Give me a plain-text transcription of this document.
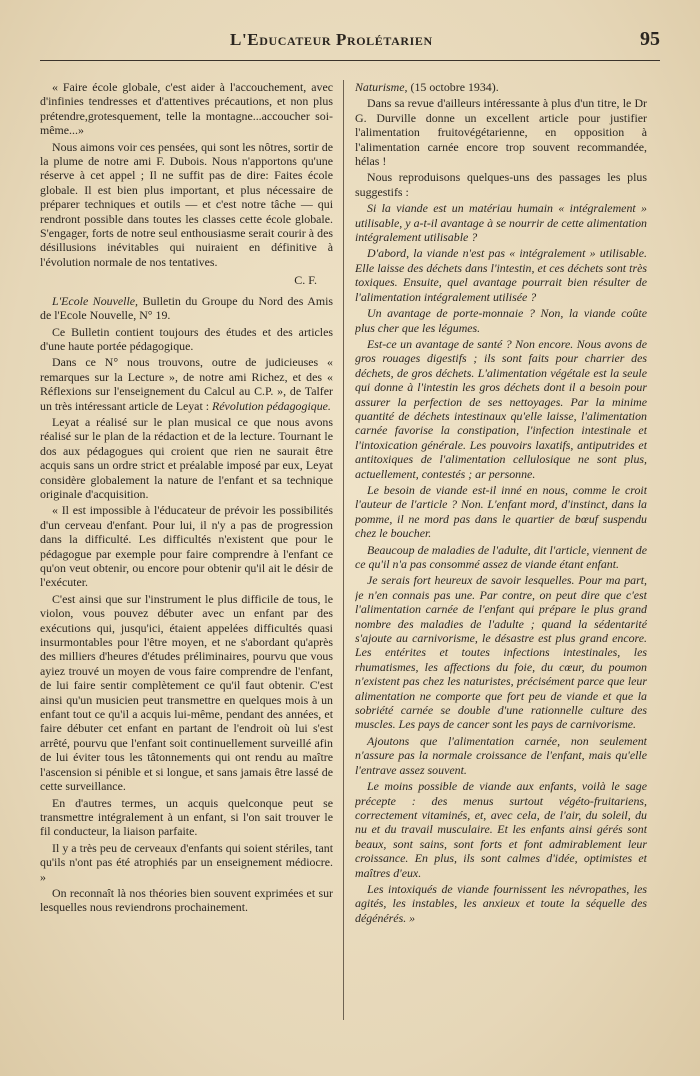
L'Educateur Prolétarien	95

« Faire école globale, c'est aider à l'accouchement, avec d'infinies tendresses et d'attentives précautions, et non plus prétendre,grotesquement, telle la montagne...accoucher soi-même...»

Nous aimons voir ces pensées, qui sont les nôtres, sortir de la plume de notre ami F. Dubois. Nous n'apportons qu'une réserve à cet appel ; Il ne suffit pas de dire: Faites école globale. Il est bien plus important, et plus nécessaire de préparer techniques et outils — et c'est notre tâche — qui rendront possible dans toutes les classes cette école globale. S'engager, forts de notre seul enthousiasme serait courir à des désillusions inévitables qui nuiraient en définitive à l'évolution normale de nos tentatives.

C. F.

L'Ecole Nouvelle, Bulletin du Groupe du Nord des Amis de l'Ecole Nouvelle, N° 19.

Ce Bulletin contient toujours des études et des articles d'une haute portée pédagogique.

Dans ce N° nous trouvons, outre de judicieuses « remarques sur la Lecture », de notre ami Richez, et des « Réflexions sur l'enseignement du Calcul au C.P. », de Talfer un très intéressant article de Leyat : Révolution pédagogique.

Leyat a réalisé sur le plan musical ce que nous avons réalisé sur le plan de la rédaction et de la lecture. Tournant le dos aux pédagogues qui croient que rien ne saurait être acquis sans un ordre strict et préalable imposé par eux, Leyat considère globalement la nature de l'enfant et sa technique originale d'acquisition.

« Il est impossible à l'éducateur de prévoir les possibilités d'un cerveau d'enfant. Pour lui, il n'y a pas de progression dans la difficulté. Les difficultés n'existent que pour le pédagogue par exemple pour faire comprendre à l'enfant ce qu'on veut obtenir, ou encore pour obtenir qu'il ait le désir de l'exécuter.

C'est ainsi que sur l'instrument le plus difficile de tous, le violon, vous pouvez débuter avec un enfant par des exécutions qui, jusqu'ici, étaient appelées difficultés quasi insurmontables pour l'être moyen, et ne s'abordant qu'après des milliers d'heures d'études préliminaires, pourvu que vous ayiez trouvé un moyen de vous faire comprendre de l'enfant, de lui faire sentir complètement ce qu'il faut obtenir. C'est ainsi qu'un musicien peut transmettre en quelques mois à un enfant tout ce qu'il a acquis lui-même, pendant des années, et faire débuter cet enfant en partant de l'endroit où lui s'est arrêté, pourvu que l'enfant soit continuellement surveillé afin de lui éviter tous les tâtonnements qui ont rendu au maître l'ascension si pénible et si longue, et sans jamais être lassé de cette surveillance.

En d'autres termes, un acquis quelconque peut se transmettre intégralement à un enfant, si l'on sait trouver le fil conducteur, la liaison parfaite.

Il y a très peu de cerveaux d'enfants qui soient stériles, tant qu'ils n'ont pas été atrophiés par un enseignement médiocre. »

On reconnaît là nos théories bien souvent exprimées et sur lesquelles nous reviendrons prochainement.

Naturisme, (15 octobre 1934).

Dans sa revue d'ailleurs intéressante à plus d'un titre, le Dr G. Durville donne un excellent article pour justifier l'alimentation fruitovégétarienne, en opposition à l'alimentation carnée encore trop souvent recommandée, hélas !

Nous reproduisons quelques-uns des passages les plus suggestifs :

Si la viande est un matériau humain « intégralement » utilisable, y a-t-il avantage à se nourrir de cette alimentation intégralement utilisable ?

D'abord, la viande n'est pas « intégralement » utilisable. Elle laisse des déchets dans l'intestin, et ces déchets sont très toxiques. Ensuite, quel avantage pourrait bien résulter de l'alimentation intégralement utilisée ?

Un avantage de porte-monnaie ? Non, la viande coûte plus cher que les légumes.

Est-ce un avantage de santé ? Non encore. Nous avons de gros rouages digestifs ; ils sont faits pour charrier des déchets, de gros déchets. L'alimentation végétale est la seule qui donne à l'intestin les gros déchets dont il a besoin pour assurer la perfection de ses nettoyages. Par la minime quantité de déchets intestinaux qu'elle laisse, l'alimentation carnée favorise la constipation, l'infection intestinale et l'intoxication générale. Les pouvoirs laxatifs, antiputrides et antitoxiques de l'alimentation cellulosique ne sont plus, actuellement, contestés ; ar personne.

Le besoin de viande est-il inné en nous, comme le croit l'auteur de l'article ? Non. L'enfant mord, d'instinct, dans la pomme, il ne mord pas dans le quartier de bœuf suspendu chez le boucher.

Beaucoup de maladies de l'adulte, dit l'article, viennent de ce qu'il n'a pas consommé assez de viande étant enfant.

Je serais fort heureux de savoir lesquelles. Pour ma part, je n'en connais pas une. Par contre, on peut dire que c'est l'alimentation carnée de l'enfant qui prépare le plus grand nombre des maladies de l'adulte ; quand la sédentarité s'ajoute au carnivorisme, le désastre est plus grand encore. Les entérites et toutes infections intestinales, les rhumatismes, les affections du foie, du cœur, du poumon n'existent pas chez les naturistes, précisément parce que leur alimentation ne comporte que fort peu de viande et que la sobriété carnée se double d'une rationnelle culture des muscles. Les pays de cancer sont les pays de carnivorisme.

Ajoutons que l'alimentation carnée, non seulement n'assure pas la normale croissance de l'enfant, mais qu'elle l'entrave assez souvent.

Le moins possible de viande aux enfants, voilà le sage précepte : des menus surtout végéto-fruitariens, correctement vitaminés, et, avec cela, de l'air, du soleil, du nu et du travail musculaire. Et les enfants ainsi gérés sont beaux, sont sains, sont forts et font admirablement leur croissance. En plus, ils sont calmes d'idée, optimistes et maîtres d'eux.

Les intoxiqués de viande fournissent les névropathes, les agités, les instables, les anxieux et toute la séquelle des dégénérés. »
